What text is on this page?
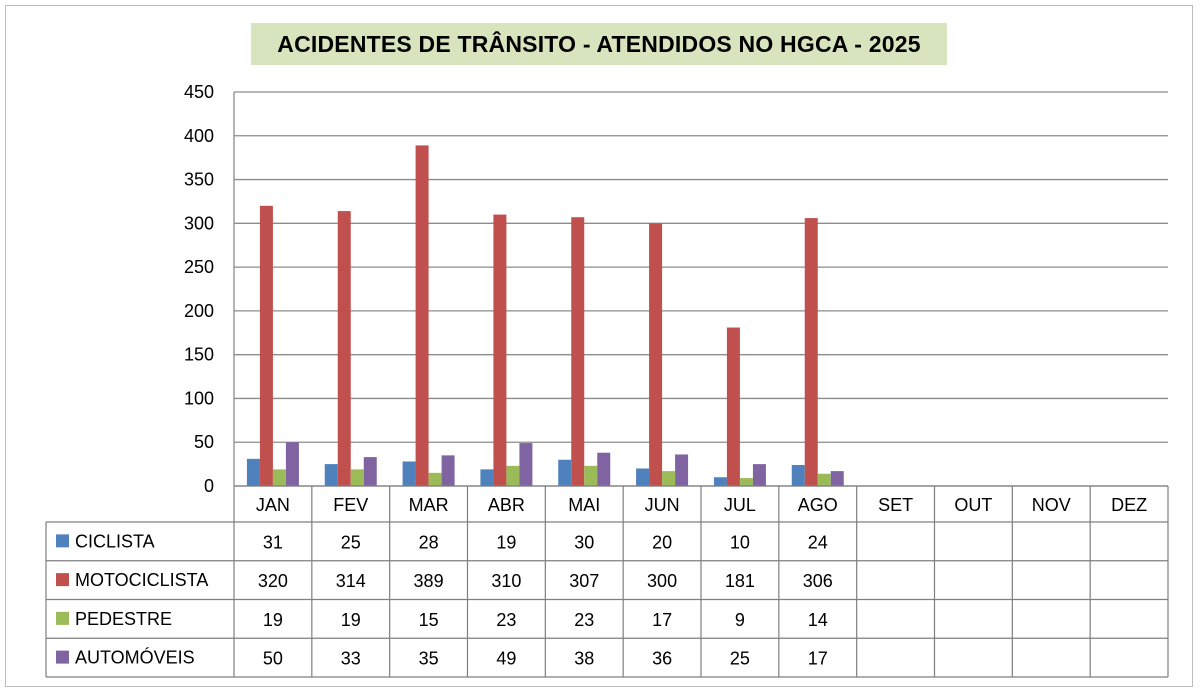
ACIDENTES DE TRÂNSITO - ATENDIDOS NO HGCA - 2025
0
50
100
150
200
250
300
350
400
450
JAN FEV MAR ABR MAI JUN JUL AGO SET OUT NOV DEZ
CICLISTA	31	25	28	19	30	20	10	24
MOTOCICLISTA	320	314	389	310	307	300	181	306
PEDESTRE	19	19	15	23	23	17	9	14
AUTOMÓVEIS	50	33	35	49	38	36	25	17
